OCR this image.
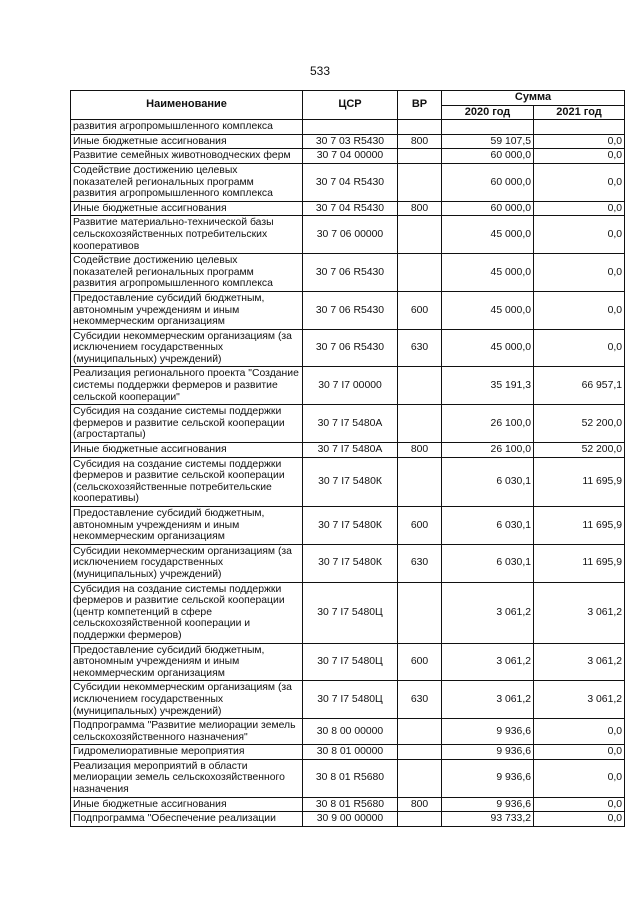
533
Наименование	ЦСР	ВР	Сумма	
			2020 год	2021 год
развития агропромышленного комплекса				
Иные бюджетные ассигнования	30 7 03 R5430	800	59 107,5	0,0
Развитие семейных животноводческих ферм	30 7 04 00000		60 000,0	0,0
Содействие достижению целевых показателей региональных программ развития агропромышленного комплекса	30 7 04 R5430		60 000,0	0,0
Иные бюджетные ассигнования	30 7 04 R5430	800	60 000,0	0,0
Развитие материально-технической базы сельскохозяйственных потребительских кооперативов	30 7 06 00000		45 000,0	0,0
Содействие достижению целевых показателей региональных программ развития агропромышленного комплекса	30 7 06 R5430		45 000,0	0,0
Предоставление субсидий бюджетным, автономным учреждениям и иным некоммерческим организациям	30 7 06 R5430	600	45 000,0	0,0
Субсидии некоммерческим организациям (за исключением государственных (муниципальных) учреждений)	30 7 06 R5430	630	45 000,0	0,0
Реализация регионального проекта "Создание системы поддержки фермеров и развитие сельской кооперации"	30 7 I7 00000		35 191,3	66 957,1
Субсидия на создание системы поддержки фермеров и развитие сельской кооперации (агростартапы)	30 7 I7 5480A		26 100,0	52 200,0
Иные бюджетные ассигнования	30 7 I7 5480A	800	26 100,0	52 200,0
Субсидия на создание системы поддержки фермеров и развитие сельской кооперации (сельскохозяйственные потребительские кооперативы)	30 7 I7 5480К		6 030,1	11 695,9
Предоставление субсидий бюджетным, автономным учреждениям и иным некоммерческим организациям	30 7 I7 5480К	600	6 030,1	11 695,9
Субсидии некоммерческим организациям (за исключением государственных (муниципальных) учреждений)	30 7 I7 5480К	630	6 030,1	11 695,9
Субсидия на создание системы поддержки фермеров и развитие сельской кооперации (центр компетенций в сфере сельскохозяйственной кооперации и поддержки фермеров)	30 7 I7 5480Ц		3 061,2	3 061,2
Предоставление субсидий бюджетным, автономным учреждениям и иным некоммерческим организациям	30 7 I7 5480Ц	600	3 061,2	3 061,2
Субсидии некоммерческим организациям (за исключением государственных (муниципальных) учреждений)	30 7 I7 5480Ц	630	3 061,2	3 061,2
Подпрограмма "Развитие мелиорации земель сельскохозяйственного назначения"	30 8 00 00000		9 936,6	0,0
Гидромелиоративные мероприятия	30 8 01 00000		9 936,6	0,0
Реализация мероприятий в области мелиорации земель сельскохозяйственного назначения	30 8 01 R5680		9 936,6	0,0
Иные бюджетные ассигнования	30 8 01 R5680	800	9 936,6	0,0
Подпрограмма "Обеспечение реализации	30 9 00 00000		93 733,2	0,0
